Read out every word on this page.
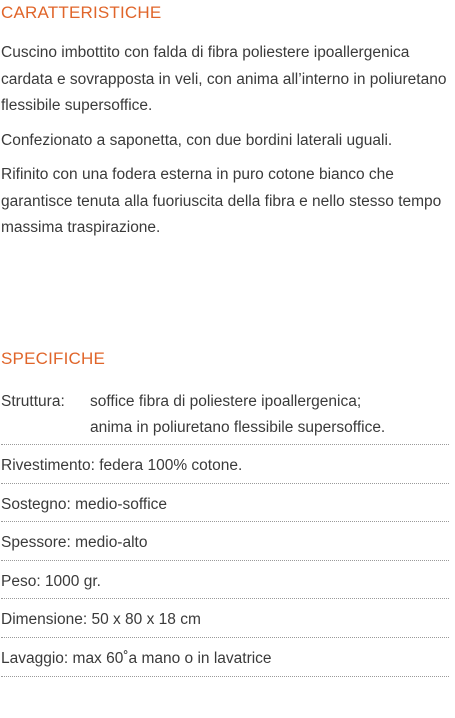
CARATTERISTICHE

Cuscino imbottito con falda di fibra poliestere ipoallergenica cardata e sovrapposta in veli, con anima all’interno in poliuretano flessibile supersoffice.

Confezionato a saponetta, con due bordini laterali uguali.

Rifinito con una fodera esterna in puro cotone bianco che garantisce tenuta alla fuoriuscita della fibra e nello stesso tempo massima traspirazione.

SPECIFICHE
Struttura:	soffice fibra di poliestere ipoallergenica;
anima in poliuretano flessibile supersoffice.
Rivestimento: federa 100% cotone.
Sostegno: medio-soffice
Spessore: medio-alto
Peso: 1000 gr.
Dimensione: 50 x 80 x 18 cm
Lavaggio: max 60˚a mano o in lavatrice
